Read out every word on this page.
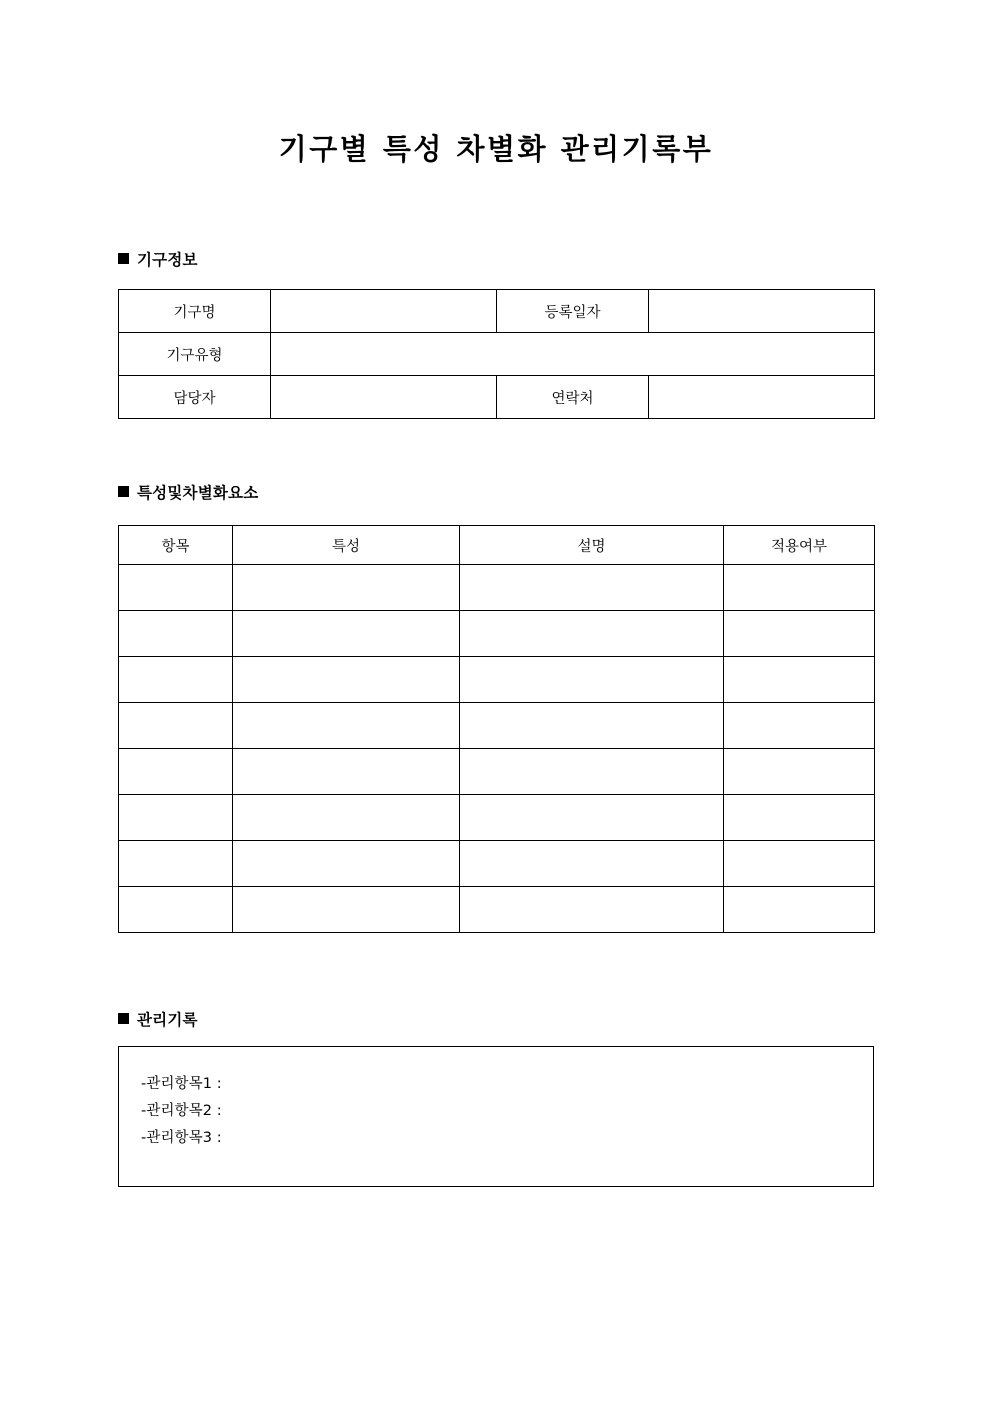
기구별 특성 차별화 관리기록부
기구정보
기구명		등록일자	
기구유형			
담당자		연락처	
특성및차별화요소
항목	특성	설명	적용여부

관리기록
-관리항목1 :
-관리항목2 :
-관리항목3 :
